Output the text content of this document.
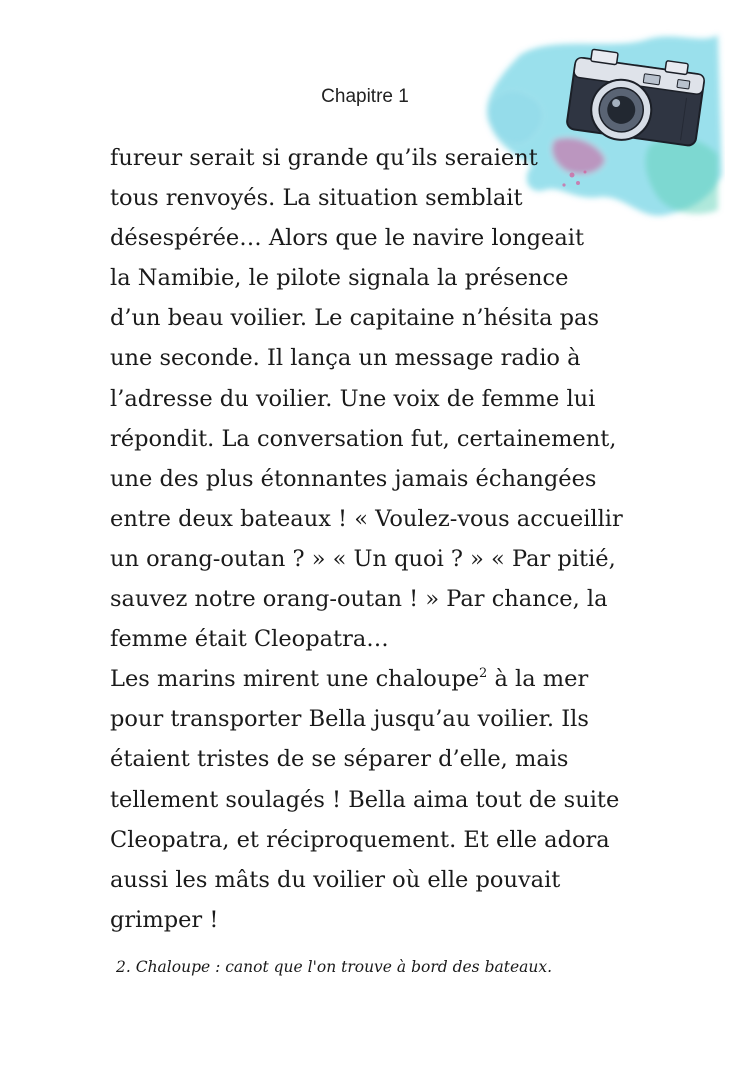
Chapitre 1
fureur serait si grande qu’ils seraient
tous renvoyés. La situation semblait
désespérée… Alors que le navire longeait
la Namibie, le pilote signala la présence
d’un beau voilier. Le capitaine n’hésita pas
une seconde. Il lança un message radio à
l’adresse du voilier. Une voix de femme lui
répondit. La conversation fut, certainement,
une des plus étonnantes jamais échangées
entre deux bateaux ! « Voulez-vous accueillir
un orang-outan ? » « Un quoi ? » « Par pitié,
sauvez notre orang-outan ! » Par chance, la
femme était Cleopatra…
Les marins mirent une chaloupe$^2$ à la mer
pour transporter Bella jusqu’au voilier. Ils
étaient tristes de se séparer d’elle, mais
tellement soulagés ! Bella aima tout de suite
Cleopatra, et réciproquement. Et elle adora
aussi les mâts du voilier où elle pouvait
grimper !
2. Chaloupe : canot que l'on trouve à bord des bateaux.
